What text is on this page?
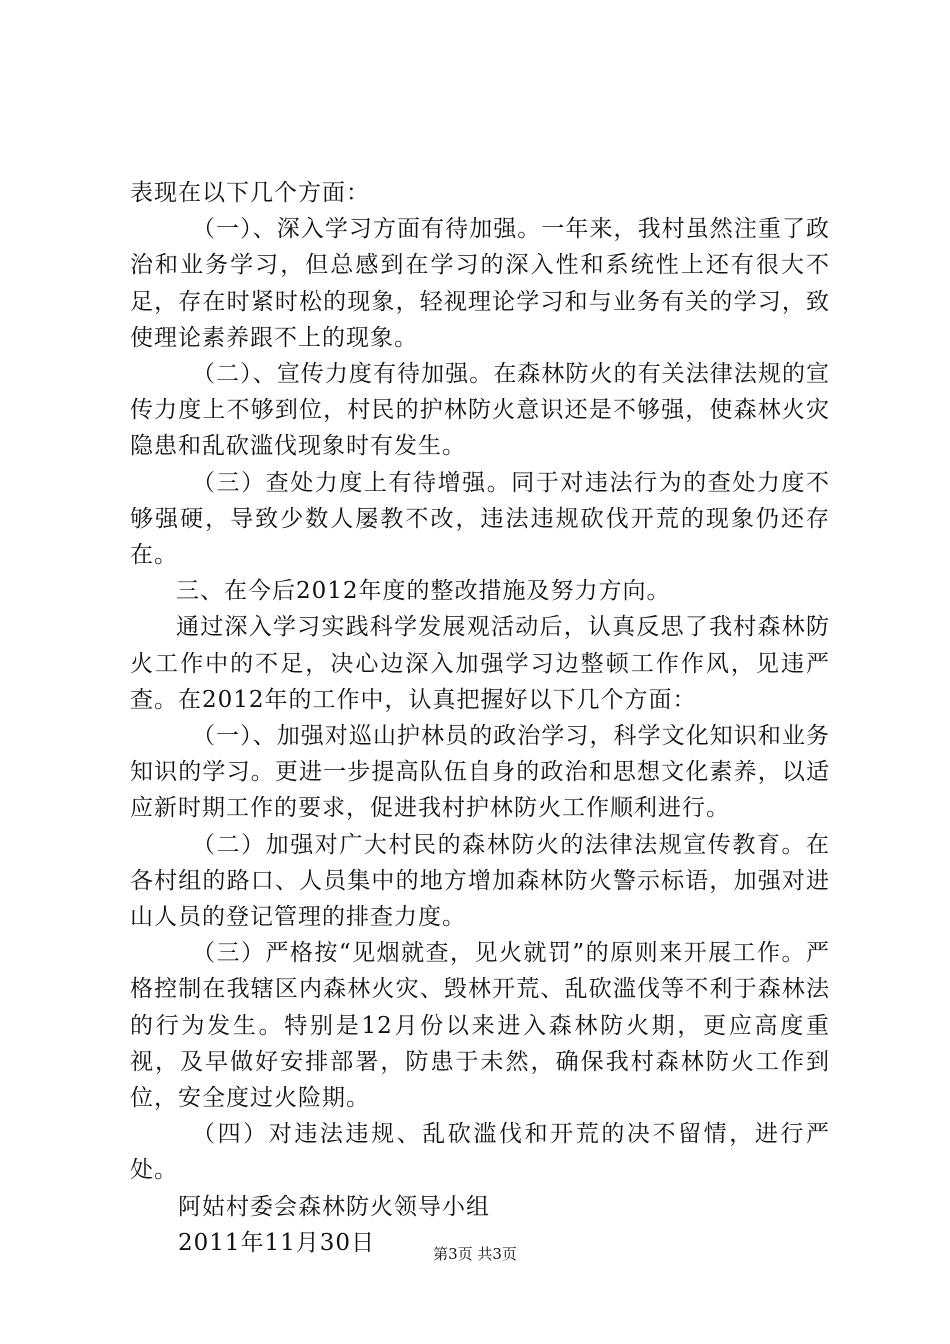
表现在以下几个方面：

（一）、深入学习方面有待加强。一年来，我村虽然注重了政治和业务学习，但总感到在学习的深入性和系统性上还有很大不足，存在时紧时松的现象，轻视理论学习和与业务有关的学习，致使理论素养跟不上的现象。

（二）、宣传力度有待加强。在森林防火的有关法律法规的宣传力度上不够到位，村民的护林防火意识还是不够强，使森林火灾隐患和乱砍滥伐现象时有发生。

（三）查处力度上有待增强。同于对违法行为的查处力度不够强硬，导致少数人屡教不改，违法违规砍伐开荒的现象仍还存在。

三、在今后2012年度的整改措施及努力方向。

通过深入学习实践科学发展观活动后，认真反思了我村森林防火工作中的不足，决心边深入加强学习边整顿工作作风，见违严查。在2012年的工作中，认真把握好以下几个方面：

（一）、加强对巡山护林员的政治学习，科学文化知识和业务知识的学习。更进一步提高队伍自身的政治和思想文化素养，以适应新时期工作的要求，促进我村护林防火工作顺利进行。

（二）加强对广大村民的森林防火的法律法规宣传教育。在各村组的路口、人员集中的地方增加森林防火警示标语，加强对进山人员的登记管理的排查力度。

（三）严格按“见烟就查，见火就罚”的原则来开展工作。严格控制在我辖区内森林火灾、毁林开荒、乱砍滥伐等不利于森林法的行为发生。特别是12月份以来进入森林防火期，更应高度重视，及早做好安排部署，防患于未然，确保我村森林防火工作到位，安全度过火险期。

（四）对违法违规、乱砍滥伐和开荒的决不留情，进行严处。

阿姑村委会森林防火领导小组

2011年11月30日	第3页 共3页
